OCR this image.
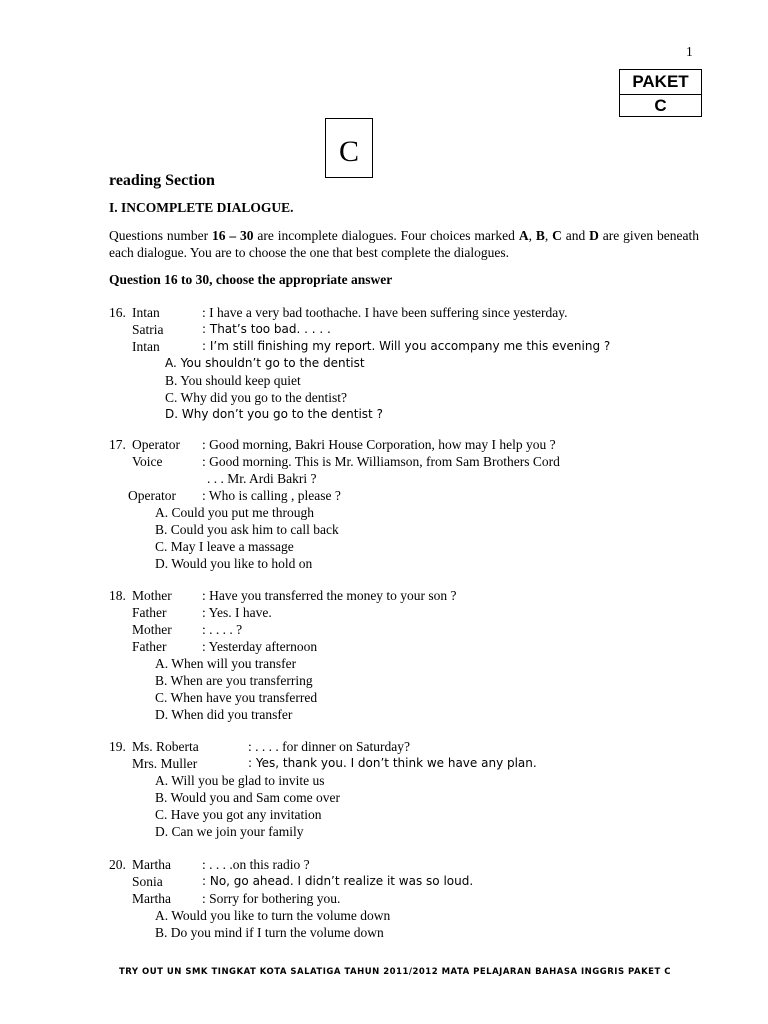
1
PAKET
C
C
reading Section
I. INCOMPLETE DIALOGUE.
Questions number 16 – 30 are incomplete dialogues. Four choices marked A, B, C and D are given beneath each dialogue. You are to choose the one that best complete the dialogues.
Question 16 to 30, choose the appropriate answer
16. Intan	: I have a very bad toothache. I have been suffering since yesterday.
Satria	: That’s too bad. . . . .
Intan	: I’m still finishing my report. Will you accompany me this evening ?
A. You shouldn’t go to the dentist
B. You should keep quiet
C. Why did you go to the dentist?
D. Why don’t you go to the dentist ?
17. Operator : Good morning, Bakri House Corporation, how may I help you ?
Voice	: Good morning. This is Mr. Williamson, from Sam Brothers Cord
. . . Mr. Ardi Bakri ?
Operator : Who is calling , please ?
A. Could you put me through
B. Could you ask him to call back
C. May I leave a massage
D. Would you like to hold on
18. Mother : Have you transferred the money to your son ?
Father	: Yes. I have.
Mother : . . . . ?
Father	: Yesterday afternoon
A. When will you transfer
B. When are you transferring
C. When have you transferred
D. When did you transfer
19. Ms. Roberta	: . . . . for dinner on Saturday?
Mrs. Muller	: Yes, thank you. I don’t think we have any plan.
A. Will you be glad to invite us
B. Would you and Sam come over
C. Have you got any invitation
D. Can we join your family
20. Martha : . . . .on this radio ?
Sonia	: No, go ahead. I didn’t realize it was so loud.
Martha : Sorry for bothering you.
A. Would you like to turn the volume down
B. Do you mind if I turn the volume down
TRY OUT UN SMK TINGKAT KOTA SALATIGA TAHUN 2011/2012 MATA PELAJARAN BAHASA INGGRIS PAKET C
